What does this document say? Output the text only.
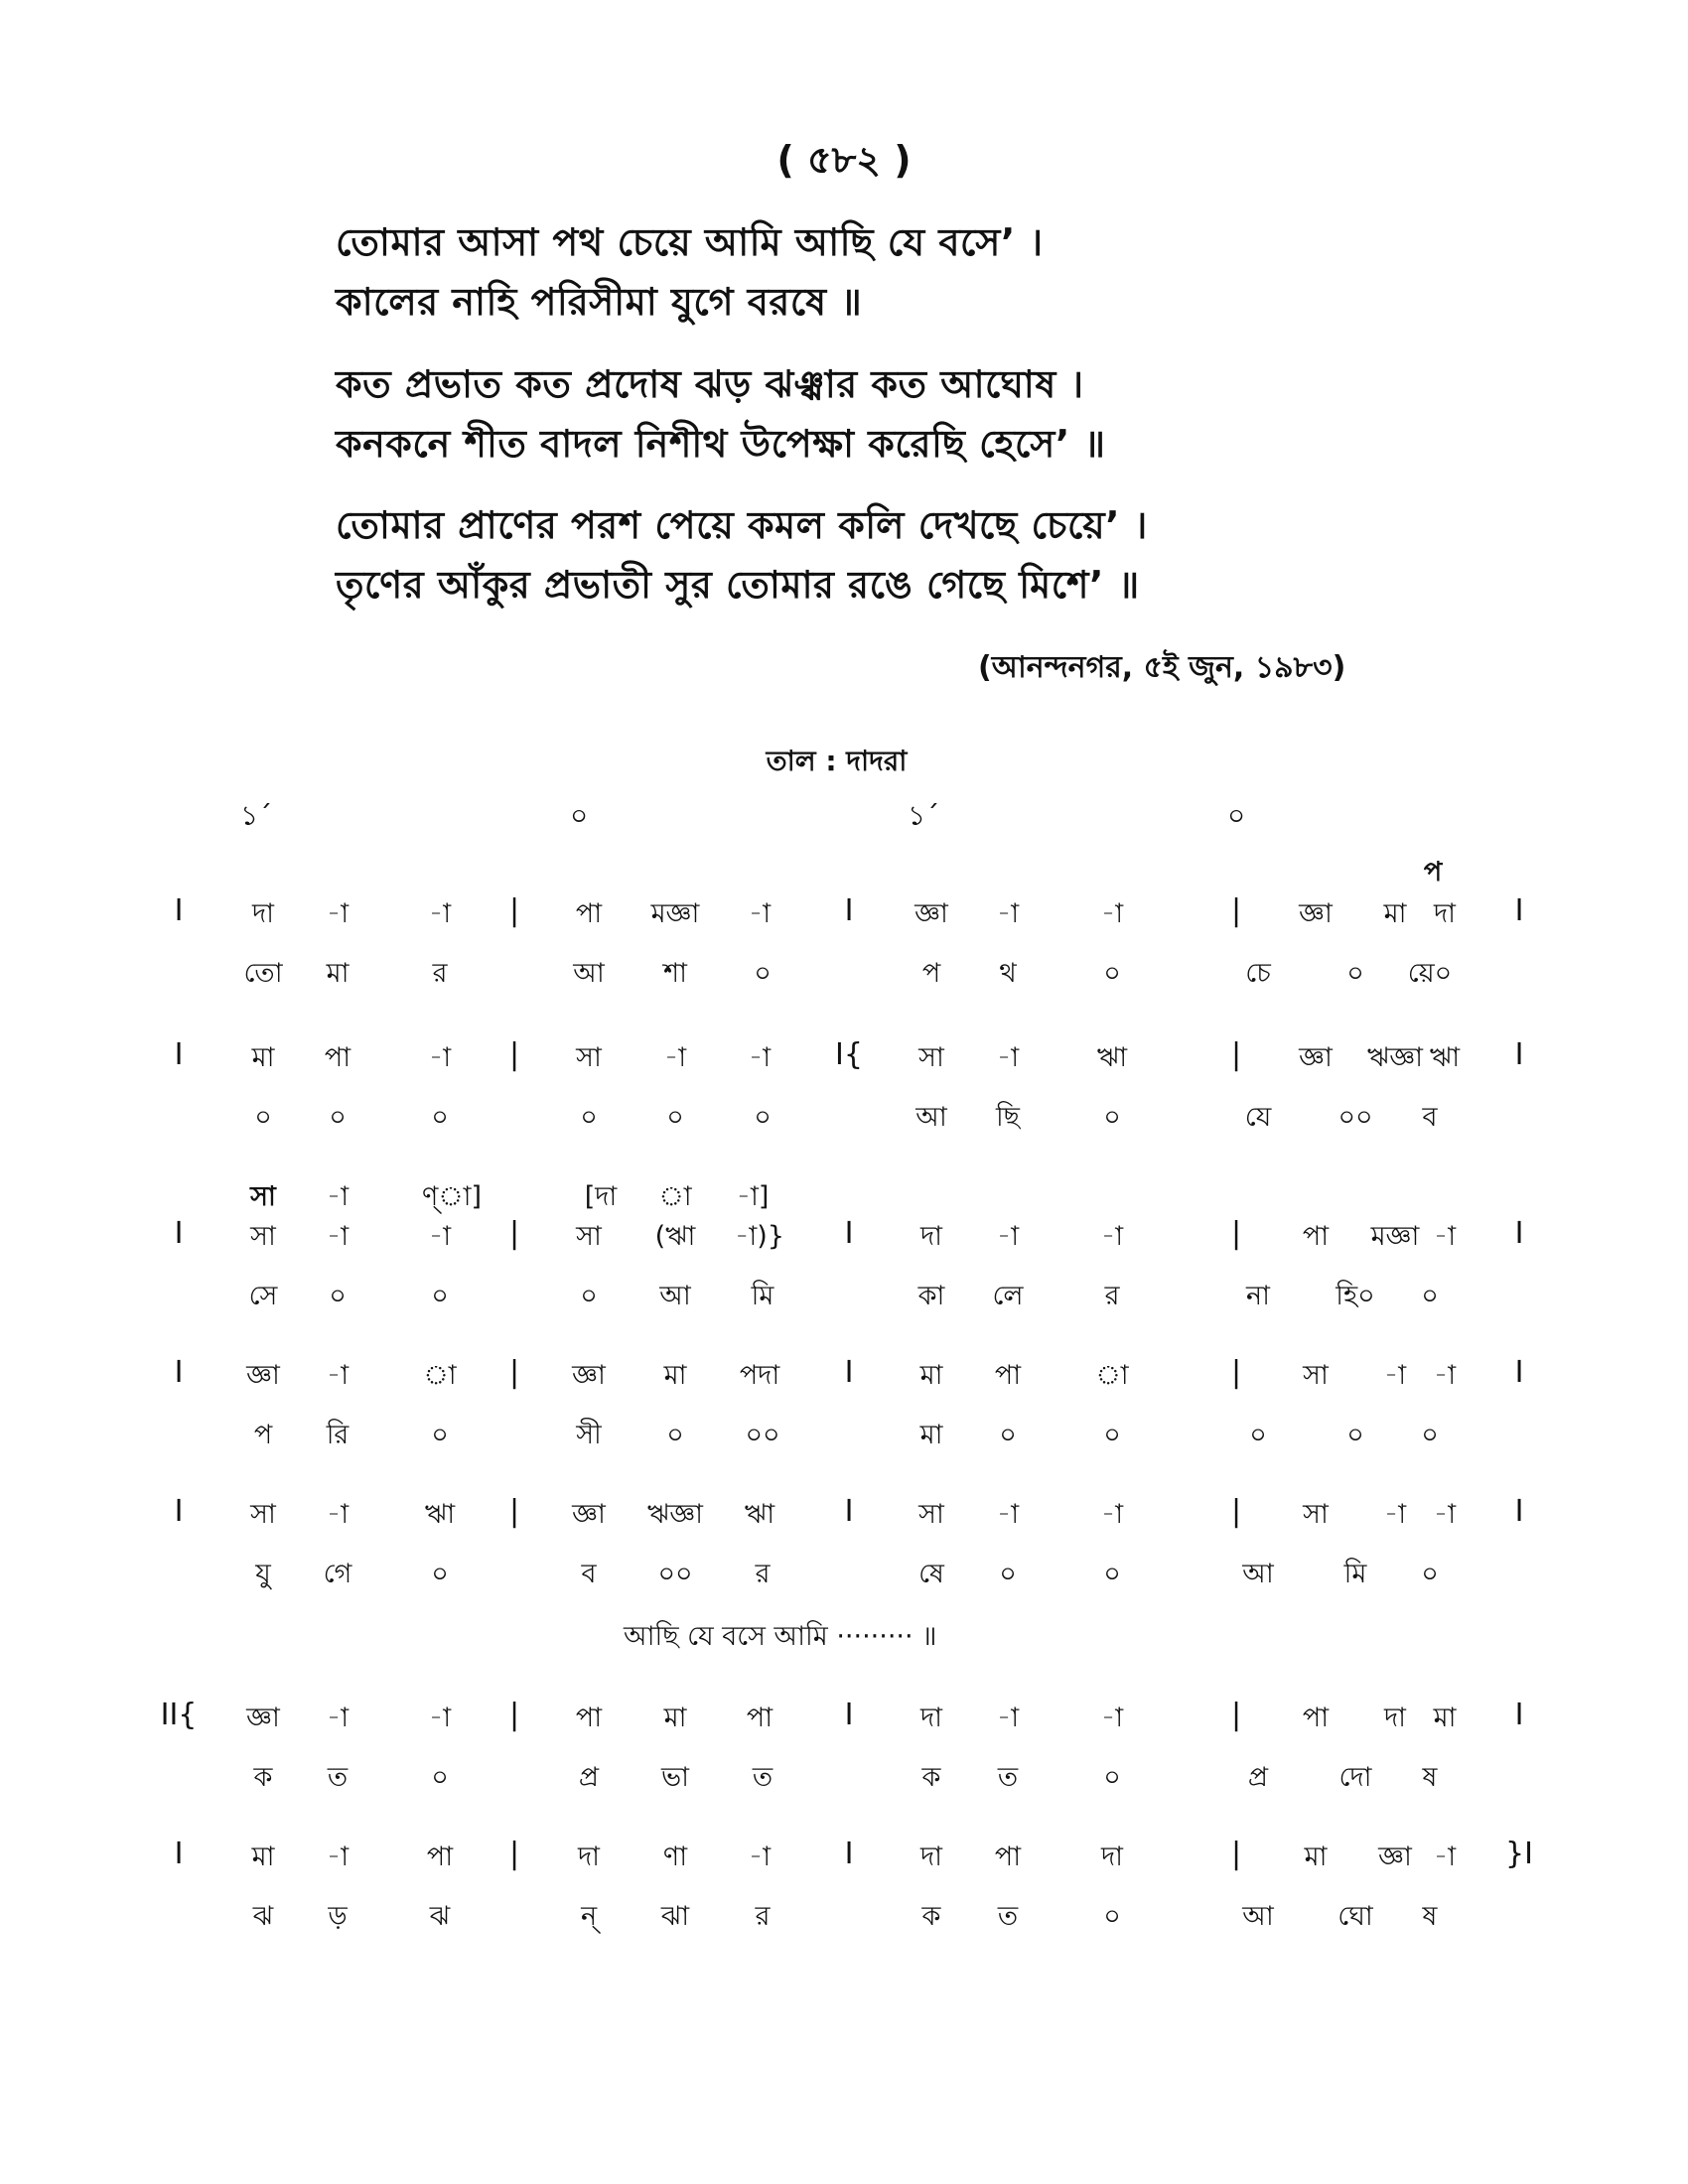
( ৫৮২ )
তোমার আসা পথ চেয়ে আমি আছি যে বসে’ ।
কালের নাহি পরিসীমা যুগে বরষে ॥
কত প্রভাত কত প্রদোষ ঝড় ঝঞ্ঝার কত আঘোষ ।
কনকনে শীত বাদল নিশীথ উপেক্ষা করেছি হেসে’ ॥
তোমার প্রাণের পরশ পেয়ে কমল কলি দেখছে চেয়ে’ ।
তৃণের আঁকুর প্রভাতী সুর তোমার রঙে গেছে মিশে’ ॥
(আনন্দনগর, ৫ই জুন, ১৯৮৩)
তাল : দাদরা
১´	০	১´	০
প
I	দা -া	-া | পা মজ্ঞা -া I জ্ঞা -া	-া	| জ্ঞা মা দা I
তো মা	র	আ শা ০	প থ	০	চে	০ য়ে০
I	মা পা	-া | সা -া -া I{ সা -া	ঋা	| জ্ঞা ঋজ্ঞা ঋা I
০ ০	০	০	০	০	আ ছি	০	যে ০০ ব
সা -া	ণ্‌া]	[দা া -া]
I	সা -া	-া | সা (ঋা -া)} I	দা -া	-া	| পা মজ্ঞা -া I
সে ০	০	০ আ মি	কা লে	র	না হি০ ০
I জ্ঞা -া	া | জ্ঞা মা পদা I মা পা	া	| সা -া -া I
প রি	০	সী ০ ০০	মা ০	০	০	০ ০
I	সা -া	ঋা | জ্ঞা ঋজ্ঞা ঋা I সা -া	-া	| সা -া -া I
যু গে	০	ব ০০ র	ষে ০	০	আ	মি ০
II{ জ্ঞা -া	-া | পা মা পা I	দা -া	-া	| পা দা মা I
ক ত	০	প্র ভা ত	ক ত	০	প্র	দো ষ
I	মা -া	পা | দা ণা -া I	দা পা	দা	| মা জ্ঞা -া }I
ঝ ড়	ঝ	ন্ ঝা র	ক ত	০	আ ঘো ষ
আছি যে বসে আমি ········· ॥
